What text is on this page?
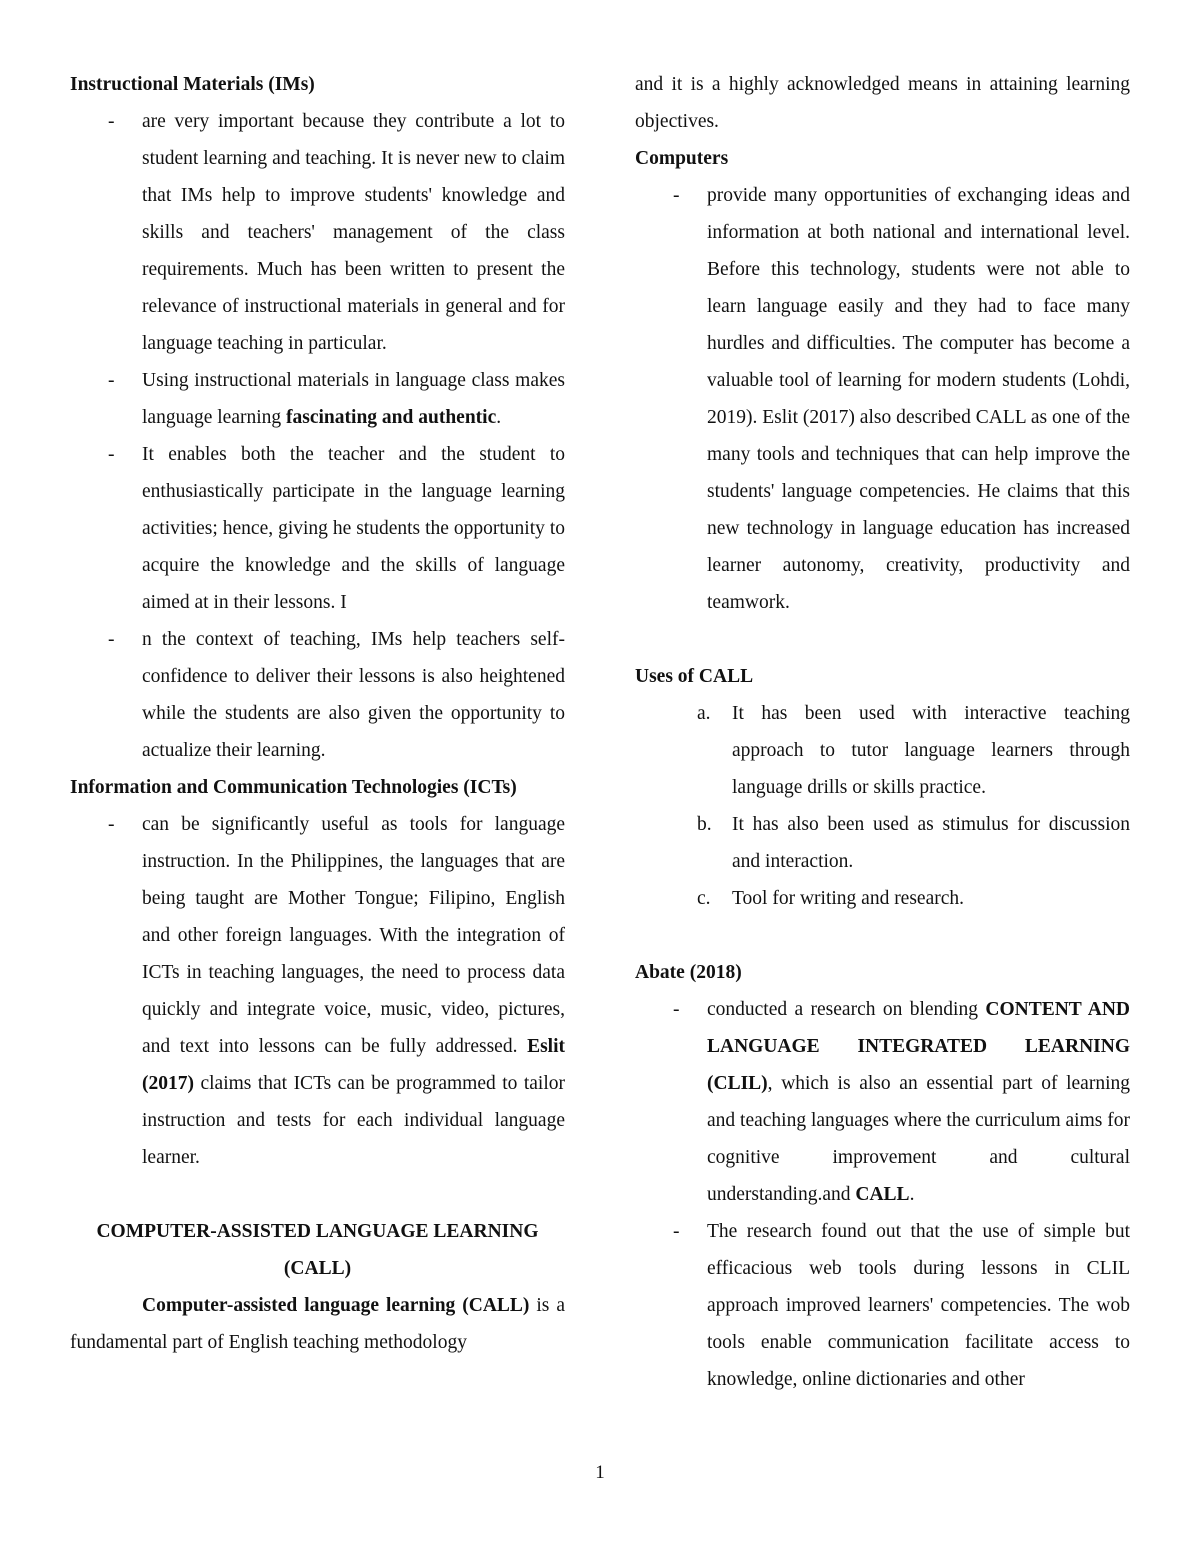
Instructional Materials (IMs)

- are very important because they contribute a lot to student learning and teaching. It is never new to claim that IMs help to improve students' knowledge and skills and teachers' management of the class requirements. Much has been written to present the relevance of instructional materials in general and for language teaching in particular.
- Using instructional materials in language class makes language learning fascinating and authentic.
- It enables both the teacher and the student to enthusiastically participate in the language learning activities; hence, giving he students the opportunity to acquire the knowledge and the skills of language aimed at in their lessons. I
- n the context of teaching, IMs help teachers self-confidence to deliver their lessons is also heightened while the students are also given the opportunity to actualize their learning.

Information and Communication Technologies (ICTs)

- can be significantly useful as tools for language instruction. In the Philippines, the languages that are being taught are Mother Tongue; Filipino, English and other foreign languages. With the integration of ICTs in teaching languages, the need to process data quickly and integrate voice, music, video, pictures, and text into lessons can be fully addressed. Eslit (2017) claims that ICTs can be programmed to tailor instruction and tests for each individual language learner.

COMPUTER-ASSISTED LANGUAGE LEARNING

(CALL)

Computer-assisted language learning (CALL) is a fundamental part of English teaching methodology

and it is a highly acknowledged means in attaining learning objectives.

Computers

- provide many opportunities of exchanging ideas and information at both national and international level. Before this technology, students were not able to learn language easily and they had to face many hurdles and difficulties. The computer has become a valuable tool of learning for modern students (Lohdi, 2019). Eslit (2017) also described CALL as one of the many tools and techniques that can help improve the students' language competencies. He claims that this new technology in language education has increased learner autonomy, creativity, productivity and teamwork.

Uses of CALL

a. It has been used with interactive teaching approach to tutor language learners through language drills or skills practice.
b. It has also been used as stimulus for discussion and interaction.
c. Tool for writing and research.

Abate (2018)

- conducted a research on blending CONTENT AND LANGUAGE INTEGRATED LEARNING (CLIL), which is also an essential part of learning and teaching languages where the curriculum aims for cognitive improvement and cultural understanding.and CALL.
- The research found out that the use of simple but efficacious web tools during lessons in CLIL approach improved learners' competencies. The wob tools enable communication facilitate access to knowledge, online dictionaries and other
1
